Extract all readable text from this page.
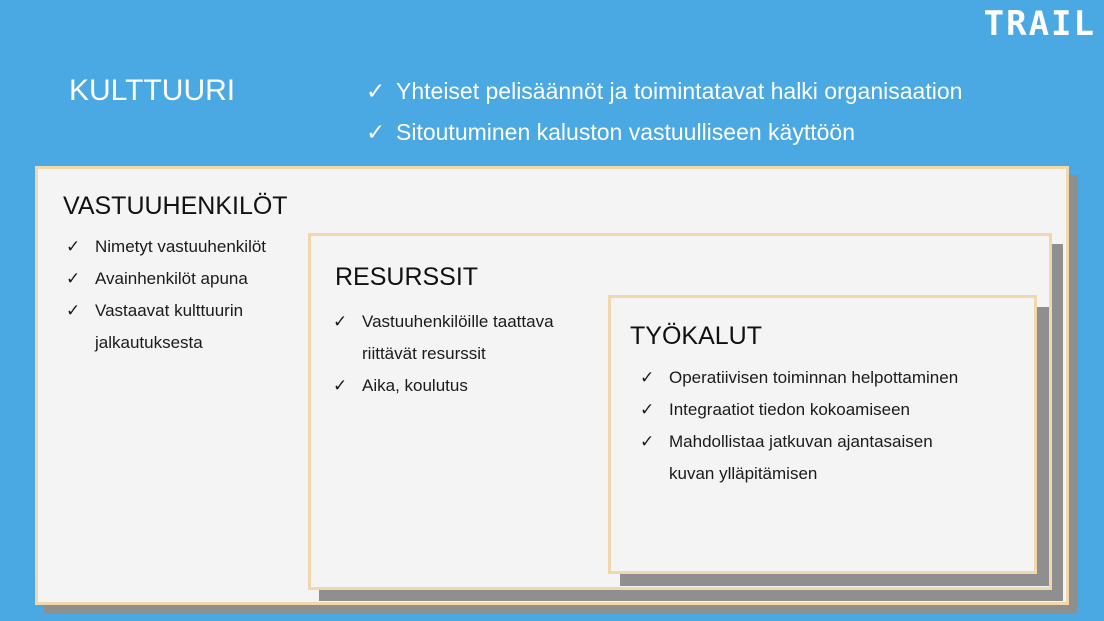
TRAIL
KULTTUURI	✓ Yhteiset pelisäännöt ja toimintatavat halki organisaation
✓ Sitoutuminen kaluston vastuulliseen käyttöön
VASTUUHENKILÖT
✓ Nimetyt vastuuhenkilöt
✓ Avainhenkilöt apuna
✓ Vastaavat kulttuurin jalkautuksesta
RESURSSIT
✓ Vastuuhenkilöille taattava riittävät resurssit
✓ Aika, koulutus
TYÖKALUT
✓ Operatiivisen toiminnan helpottaminen
✓ Integraatiot tiedon kokoamiseen
✓ Mahdollistaa jatkuvan ajantasaisen kuvan ylläpitämisen
